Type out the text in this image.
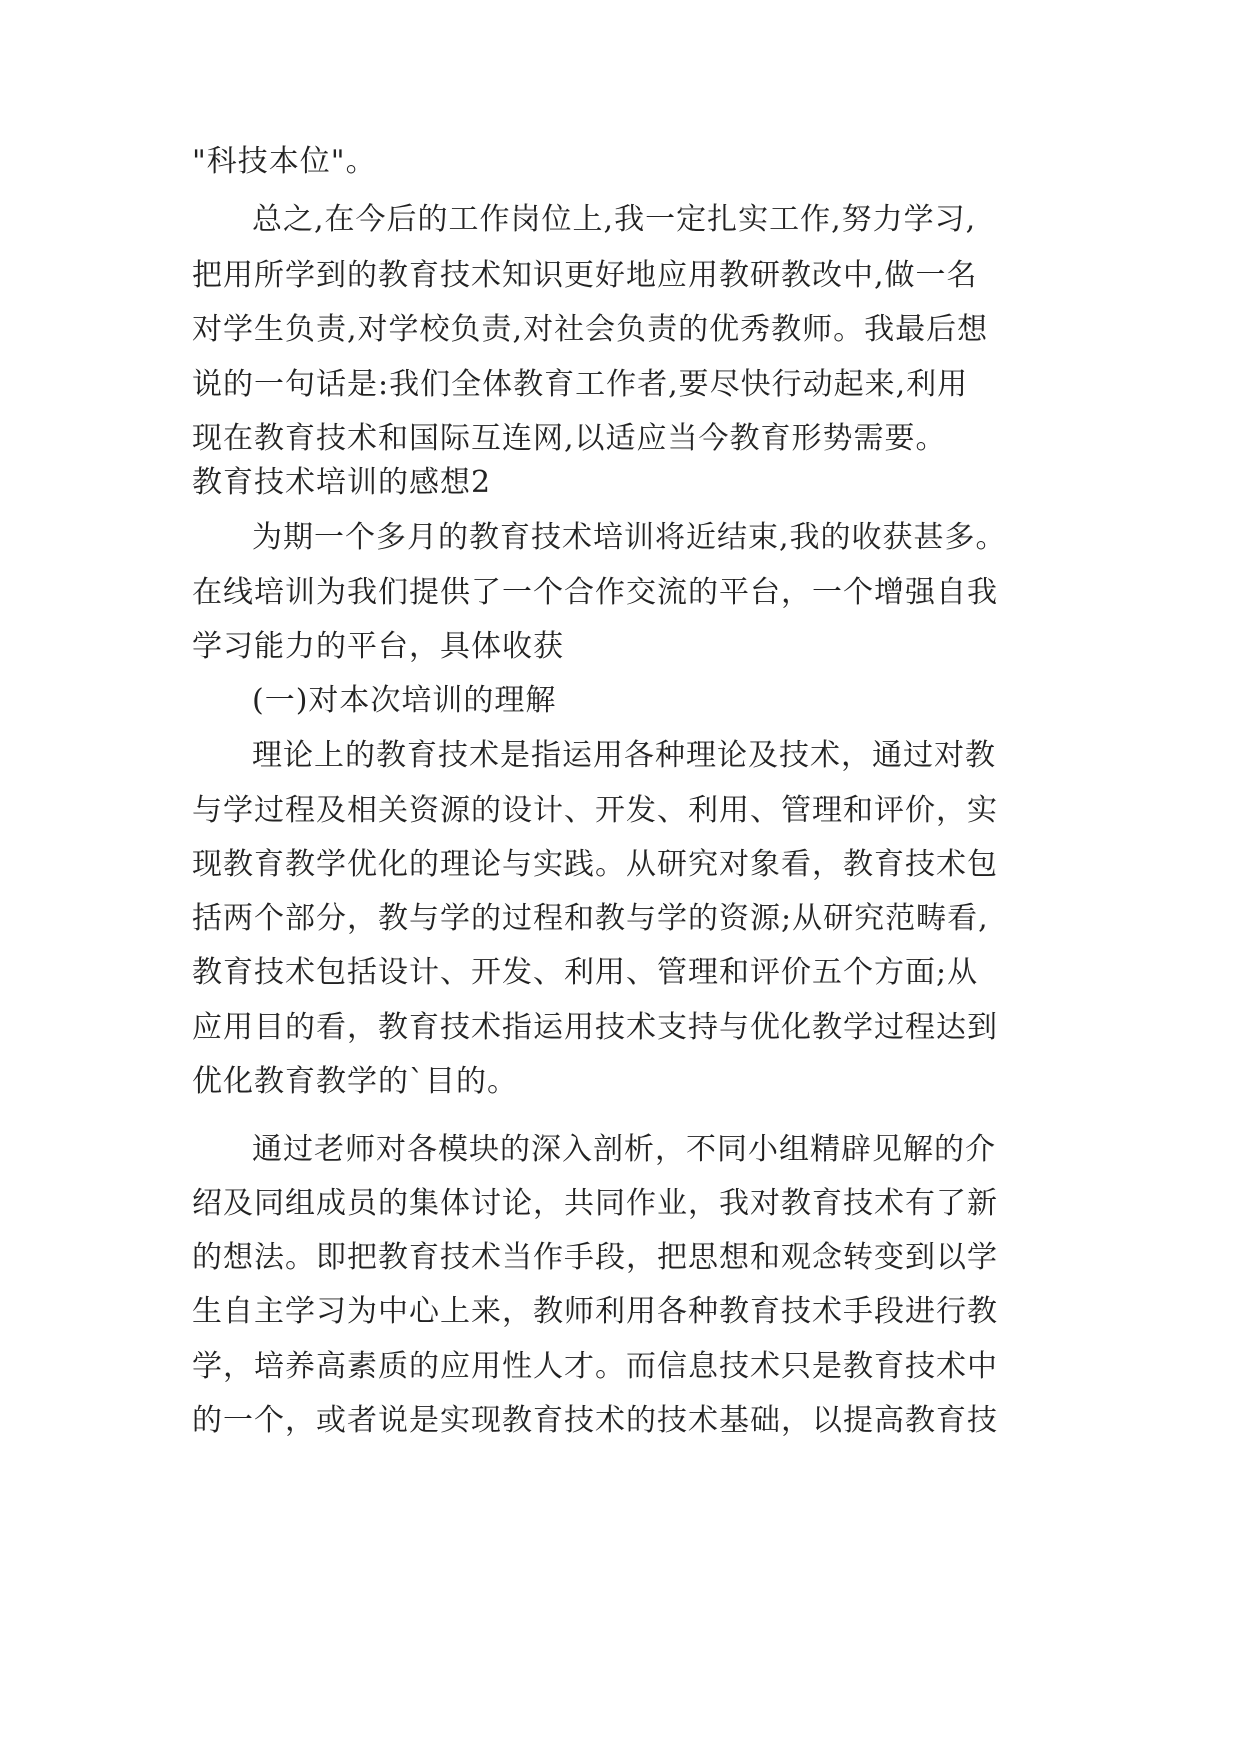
"科技本位"。
总之,在今后的工作岗位上,我一定扎实工作,努力学习,
把用所学到的教育技术知识更好地应用教研教改中,做一名
对学生负责,对学校负责,对社会负责的优秀教师。我最后想
说的一句话是:我们全体教育工作者,要尽快行动起来,利用
现在教育技术和国际互连网,以适应当今教育形势需要。
教育技术培训的感想2
为期一个多月的教育技术培训将近结束,我的收获甚多。
在线培训为我们提供了一个合作交流的平台，一个增强自我
学习能力的平台，具体收获
(一)对本次培训的理解
理论上的教育技术是指运用各种理论及技术，通过对教
与学过程及相关资源的设计、开发、利用、管理和评价，实
现教育教学优化的理论与实践。从研究对象看，教育技术包
括两个部分，教与学的过程和教与学的资源;从研究范畴看,
教育技术包括设计、开发、利用、管理和评价五个方面;从
应用目的看，教育技术指运用技术支持与优化教学过程达到
优化教育教学的`目的。
通过老师对各模块的深入剖析，不同小组精辟见解的介
绍及同组成员的集体讨论，共同作业，我对教育技术有了新
的想法。即把教育技术当作手段，把思想和观念转变到以学
生自主学习为中心上来，教师利用各种教育技术手段进行教
学，培养高素质的应用性人才。而信息技术只是教育技术中
的一个，或者说是实现教育技术的技术基础，以提高教育技
